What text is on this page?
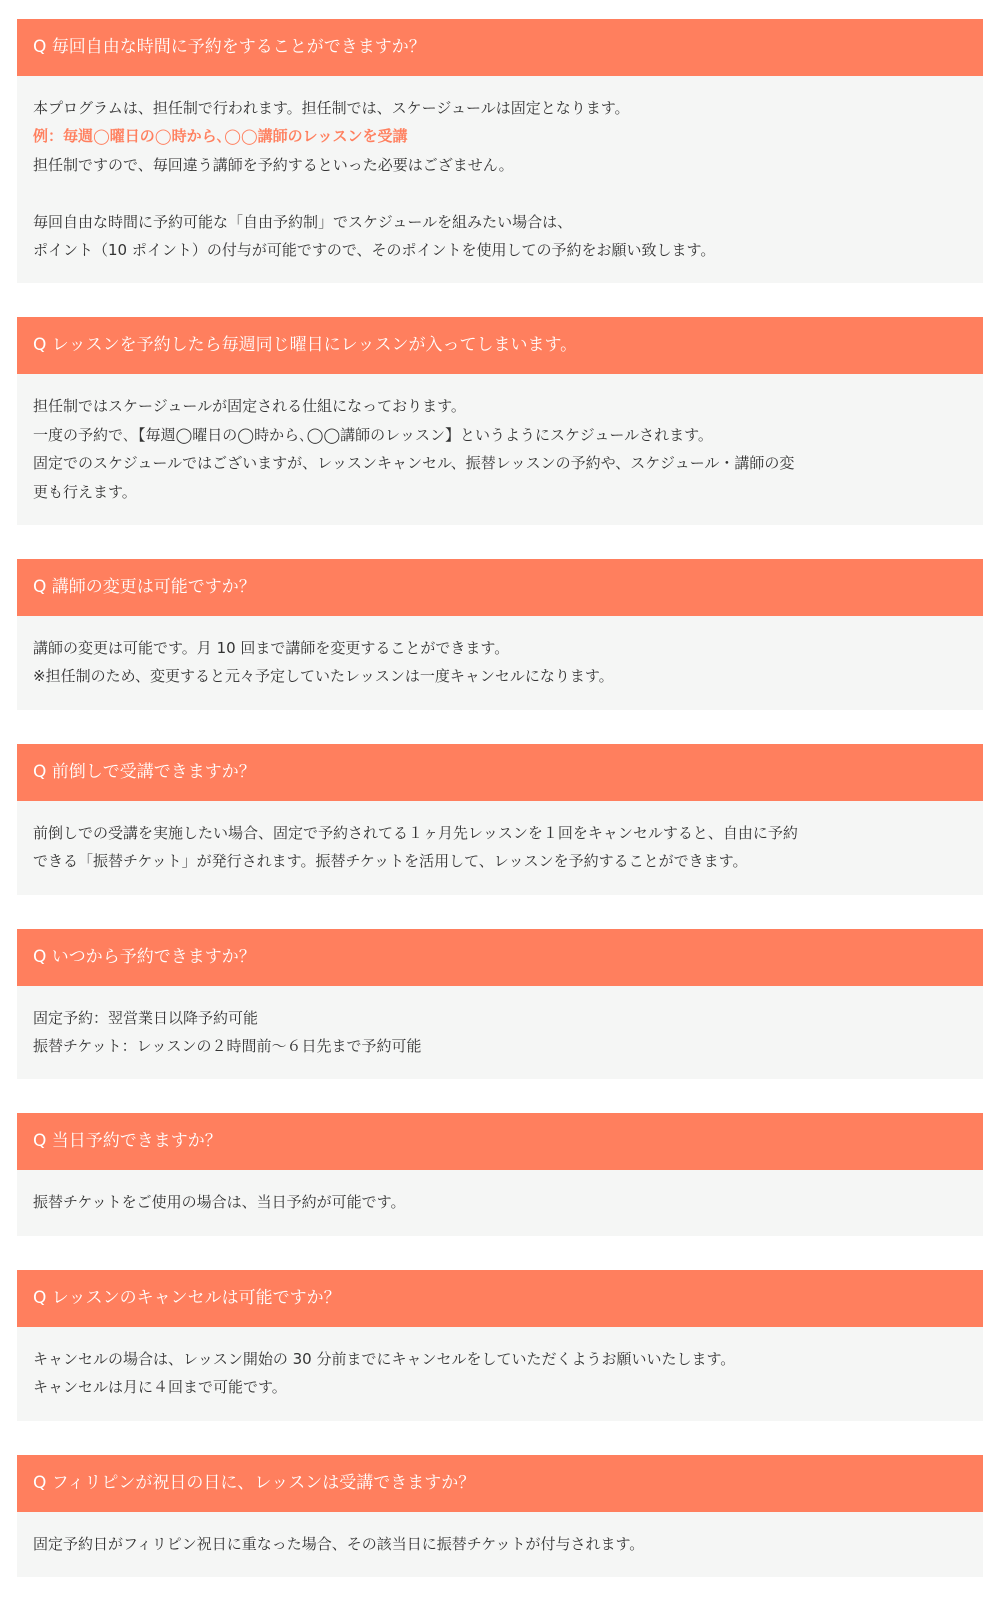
Q 毎回自由な時間に予約をすることができますか？
本プログラムは、担任制で行われます。担任制では、スケージュールは固定となります。
例：毎週◯曜日の◯時から､◯◯講師のレッスンを受講
担任制ですので、毎回違う講師を予約するといった必要はござません。
毎回自由な時間に予約可能な「自由予約制」でスケジュールを組みたい場合は、
ポイント（10 ポイント）の付与が可能ですので、そのポイントを使用しての予約をお願い致します。
Q レッスンを予約したら毎週同じ曜日にレッスンが入ってしまいます。
担任制ではスケージュールが固定される仕組になっております。
一度の予約で､【毎週◯曜日の◯時から､◯◯講師のレッスン】というようにスケジュールされます。
固定でのスケジュールではございますが、レッスンキャンセル、振替レッスンの予約や、スケジュール・講師の変
更も行えます。
Q 講師の変更は可能ですか？
講師の変更は可能です。月 10 回まで講師を変更することができます。
※担任制のため、変更すると元々予定していたレッスンは一度キャンセルになります。
Q 前倒しで受講できますか？
前倒しでの受講を実施したい場合、固定で予約されてる１ヶ月先レッスンを１回をキャンセルすると、自由に予約
できる「振替チケット」が発行されます。振替チケットを活用して、レッスンを予約することができます。
Q いつから予約できますか？
固定予約：翌営業日以降予約可能
振替チケット：レッスンの２時間前〜６日先まで予約可能
Q 当日予約できますか？
振替チケットをご使用の場合は、当日予約が可能です。
Q レッスンのキャンセルは可能ですか？
キャンセルの場合は、レッスン開始の 30 分前までにキャンセルをしていただくようお願いいたします。
キャンセルは月に４回まで可能です。
Q フィリピンが祝日の日に、レッスンは受講できますか？
固定予約日がフィリピン祝日に重なった場合、その該当日に振替チケットが付与されます。
